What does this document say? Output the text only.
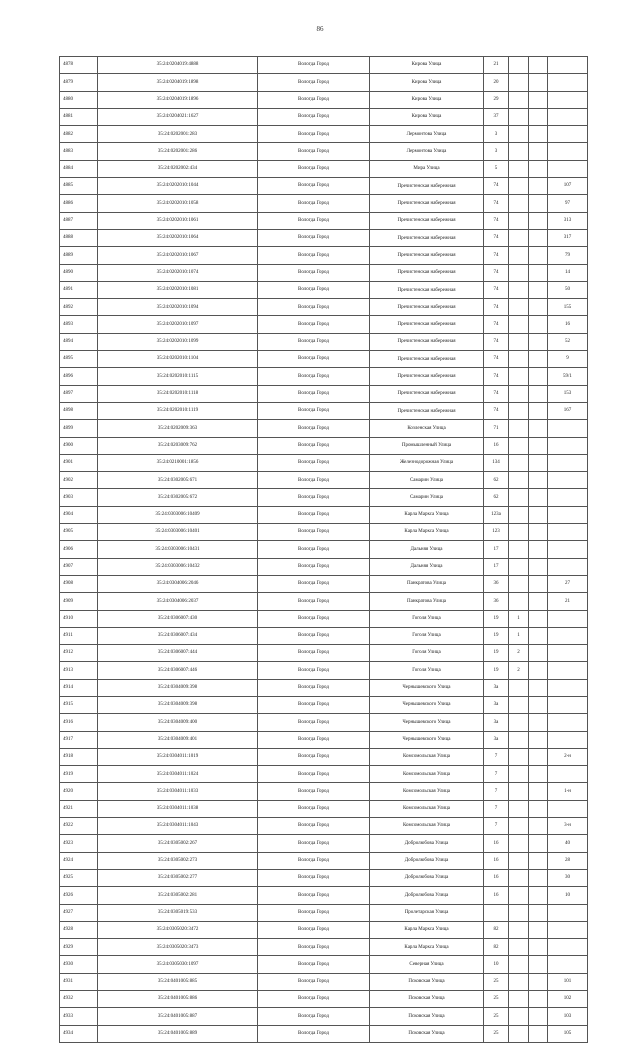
86
4878	35:24:0204019:4888	Вологда Город	Кирова Улица	21			
4879	35:24:0204019:1898	Вологда Город	Кирова Улица	20			
4880	35:24:0204019:1896	Вологда Город	Кирова Улица	29			
4881	35:24:0204021:1627	Вологда Город	Кирова Улица	37			
4882	35:24:0202001:283	Вологда Город	Лермонтова Улица	3			
4883	35:24:0202001:286	Вологда Город	Лермонтова Улица	3			
4884	35:24:0202002:434	Вологда Город	Мира Улица	5			
4885	35:24:0202010:1044	Вологда Город	Пречистенская набережная	74			107
4886	35:24:0202010:1058	Вологда Город	Пречистенская набережная	74			97
4887	35:24:0202010:1061	Вологда Город	Пречистенская набережная	74			313
4888	35:24:0202010:1064	Вологда Город	Пречистенская набережная	74			317
4889	35:24:0202010:1067	Вологда Город	Пречистенская набережная	74			79
4890	35:24:0202010:1074	Вологда Город	Пречистенская набережная	74			14
4891	35:24:0202010:1081	Вологда Город	Пречистенская набережная	74			50
4892	35:24:0202010:1094	Вологда Город	Пречистенская набережная	74			155
4893	35:24:0202010:1097	Вологда Город	Пречистенская набережная	74			16
4894	35:24:0202010:1099	Вологда Город	Пречистенская набережная	74			52
4895	35:24:0202010:1104	Вологда Город	Пречистенская набережная	74			9
4896	35:24:0202010:1115	Вологда Город	Пречистенская набережная	74			59/1
4897	35:24:0202010:1118	Вологда Город	Пречистенская набережная	74			153
4898	35:24:0202010:1119	Вологда Город	Пречистенская набережная	74			167
4899	35:24:0202009:363	Вологда Город	Козленская Улица	71			
4900	35:24:0203009:762	Вологда Город	Промышленный Улица	16			
4901	35:24:0210001:1856	Вологда Город	Железнодорожная Улица	134			
4902	35:24:0302005:671	Вологда Город	Самарин Улица	62			
4903	35:24:0302005:672	Вологда Город	Самарин Улица	62			
4904	35:24:0303006:10409	Вологда Город	Карла Маркса Улица	123а			
4905	35:24:0303006:10401	Вологда Город	Карла Маркса Улица	123			
4906	35:24:0303006:10431	Вологда Город	Дальняя Улица	17			
4907	35:24:0303006:10432	Вологда Город	Дальняя Улица	17			
4908	35:24:0304006:2046	Вологда Город	Панкратова Улица	36			27
4909	35:24:0304006:2037	Вологда Город	Панкратова Улица	36			21
4910	35:24:0306007:430	Вологда Город	Гоголя Улица	19	1		
4911	35:24:0306007:434	Вологда Город	Гоголя Улица	19	1		
4912	35:24:0306007:444	Вологда Город	Гоголя Улица	19	2		
4913	35:24:0306007:446	Вологда Город	Гоголя Улица	19	2		
4914	35:24:0304009:398	Вологда Город	Чернышевского Улица	3а			
4915	35:24:0304009:398	Вологда Город	Чернышевского Улица	3а			
4916	35:24:0304009:400	Вологда Город	Чернышевского Улица	3а			
4917	35:24:0304009:401	Вологда Город	Чернышевского Улица	3а			
4918	35:24:0304011:1019	Вологда Город	Комсомольская Улица	7			2-н
4919	35:24:0304011:1024	Вологда Город	Комсомольская Улица	7			
4920	35:24:0304011:1033	Вологда Город	Комсомольская Улица	7			1-н
4921	35:24:0304011:1038	Вологда Город	Комсомольская Улица	7			
4922	35:24:0304011:1043	Вологда Город	Комсомольская Улица	7			3-н
4923	35:24:0305002:267	Вологда Город	Добролюбова Улица	16			40
4924	35:24:0305002:273	Вологда Город	Добролюбова Улица	16			28
4925	35:24:0305002:277	Вологда Город	Добролюбова Улица	16			30
4926	35:24:0305002:281	Вологда Город	Добролюбова Улица	16			10
4927	35:24:0305019:533	Вологда Город	Пролетарская Улица				
4928	35:24:0305020:3472	Вологда Город	Карла Маркса Улица	82			
4929	35:24:0305020:3473	Вологда Город	Карла Маркса Улица	82			
4930	35:24:0305030:1097	Вологда Город	Северная Улица	10			
4931	35:24:0401005:885	Вологда Город	Псковская Улица	25			101
4932	35:24:0401005:886	Вологда Город	Псковская Улица	25			102
4933	35:24:0401005:887	Вологда Город	Псковская Улица	25			103
4934	35:24:0401005:889	Вологда Город	Псковская Улица	25			105
